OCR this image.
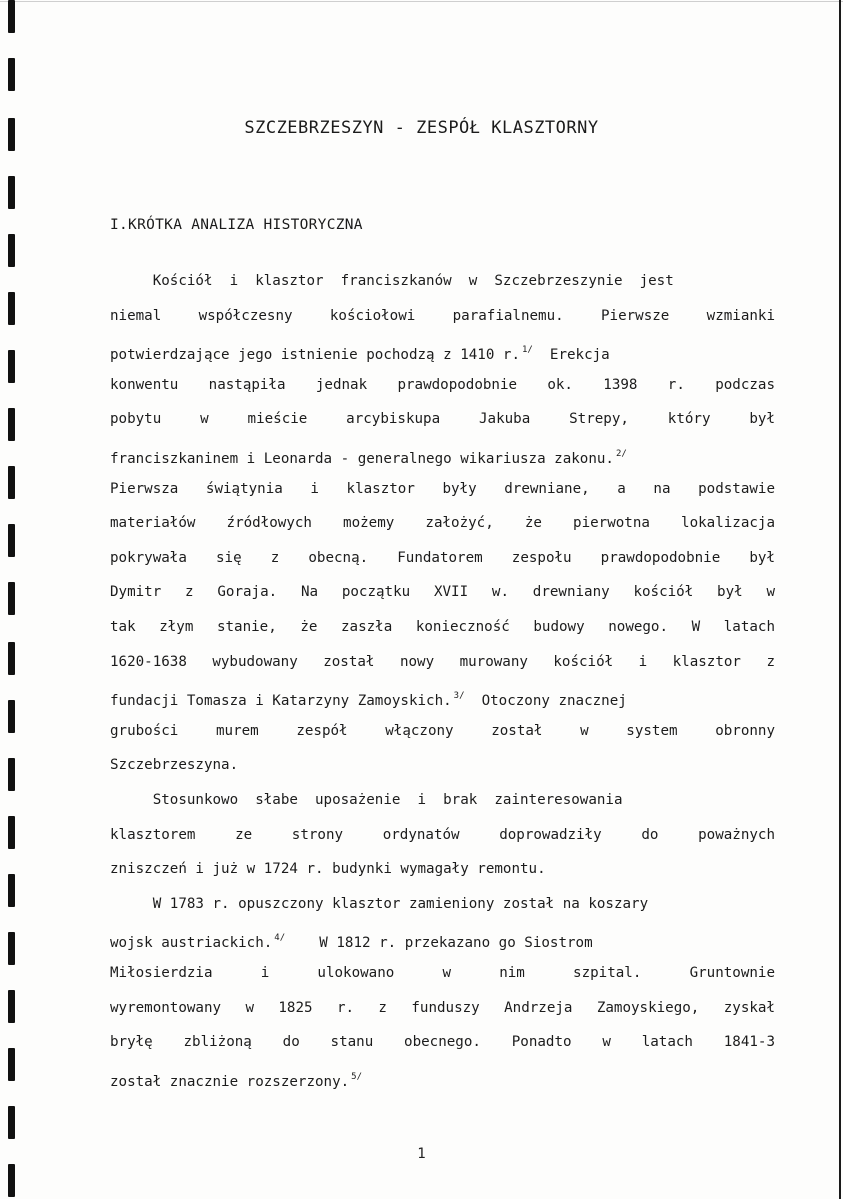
SZCZEBRZESZYN - ZESPÓŁ KLASZTORNY
I.KRÓTKA ANALIZA HISTORYCZNA
Kościół  i  klasztor  franciszkanów  w  Szczebrzeszynie  jest
niemal współczesny kościołowi parafialnemu. Pierwsze wzmianki
potwierdzające jego istnienie pochodzą z 1410 r. $^{1/}$  Erekcja
konwentu nastąpiła jednak prawdopodobnie ok. 1398 r. podczas
pobytu w mieście arcybiskupa Jakuba Strepy, który był
franciszkaninem i Leonarda - generalnego wikariusza zakonu. $^{2/}$
Pierwsza świątynia i klasztor były drewniane, a na podstawie
materiałów źródłowych możemy założyć, że pierwotna lokalizacja
pokrywała się z obecną. Fundatorem zespołu prawdopodobnie był
Dymitr z Goraja. Na początku XVII w. drewniany kościół był w
tak złym stanie, że zaszła konieczność budowy nowego. W latach
1620-1638 wybudowany został nowy murowany kościół i klasztor z
fundacji Tomasza i Katarzyny Zamoyskich. $^{3/}$  Otoczony znacznej
grubości murem zespół włączony został w system obronny
Szczebrzeszyna.
Stosunkowo  słabe  uposażenie  i  brak  zainteresowania
klasztorem ze strony ordynatów doprowadziły do poważnych
zniszczeń i już w 1724 r. budynki wymagały remontu.
W 1783 r. opuszczony klasztor zamieniony został na koszary
wojsk austriackich. $^{4/}$    W 1812 r. przekazano go Siostrom
Miłosierdzia i ulokowano w nim szpital. Gruntownie
wyremontowany w 1825 r. z funduszy Andrzeja Zamoyskiego, zyskał
bryłę zbliżoną do stanu obecnego. Ponadto w latach 1841-3
został znacznie rozszerzony. $^{5/}$
1
